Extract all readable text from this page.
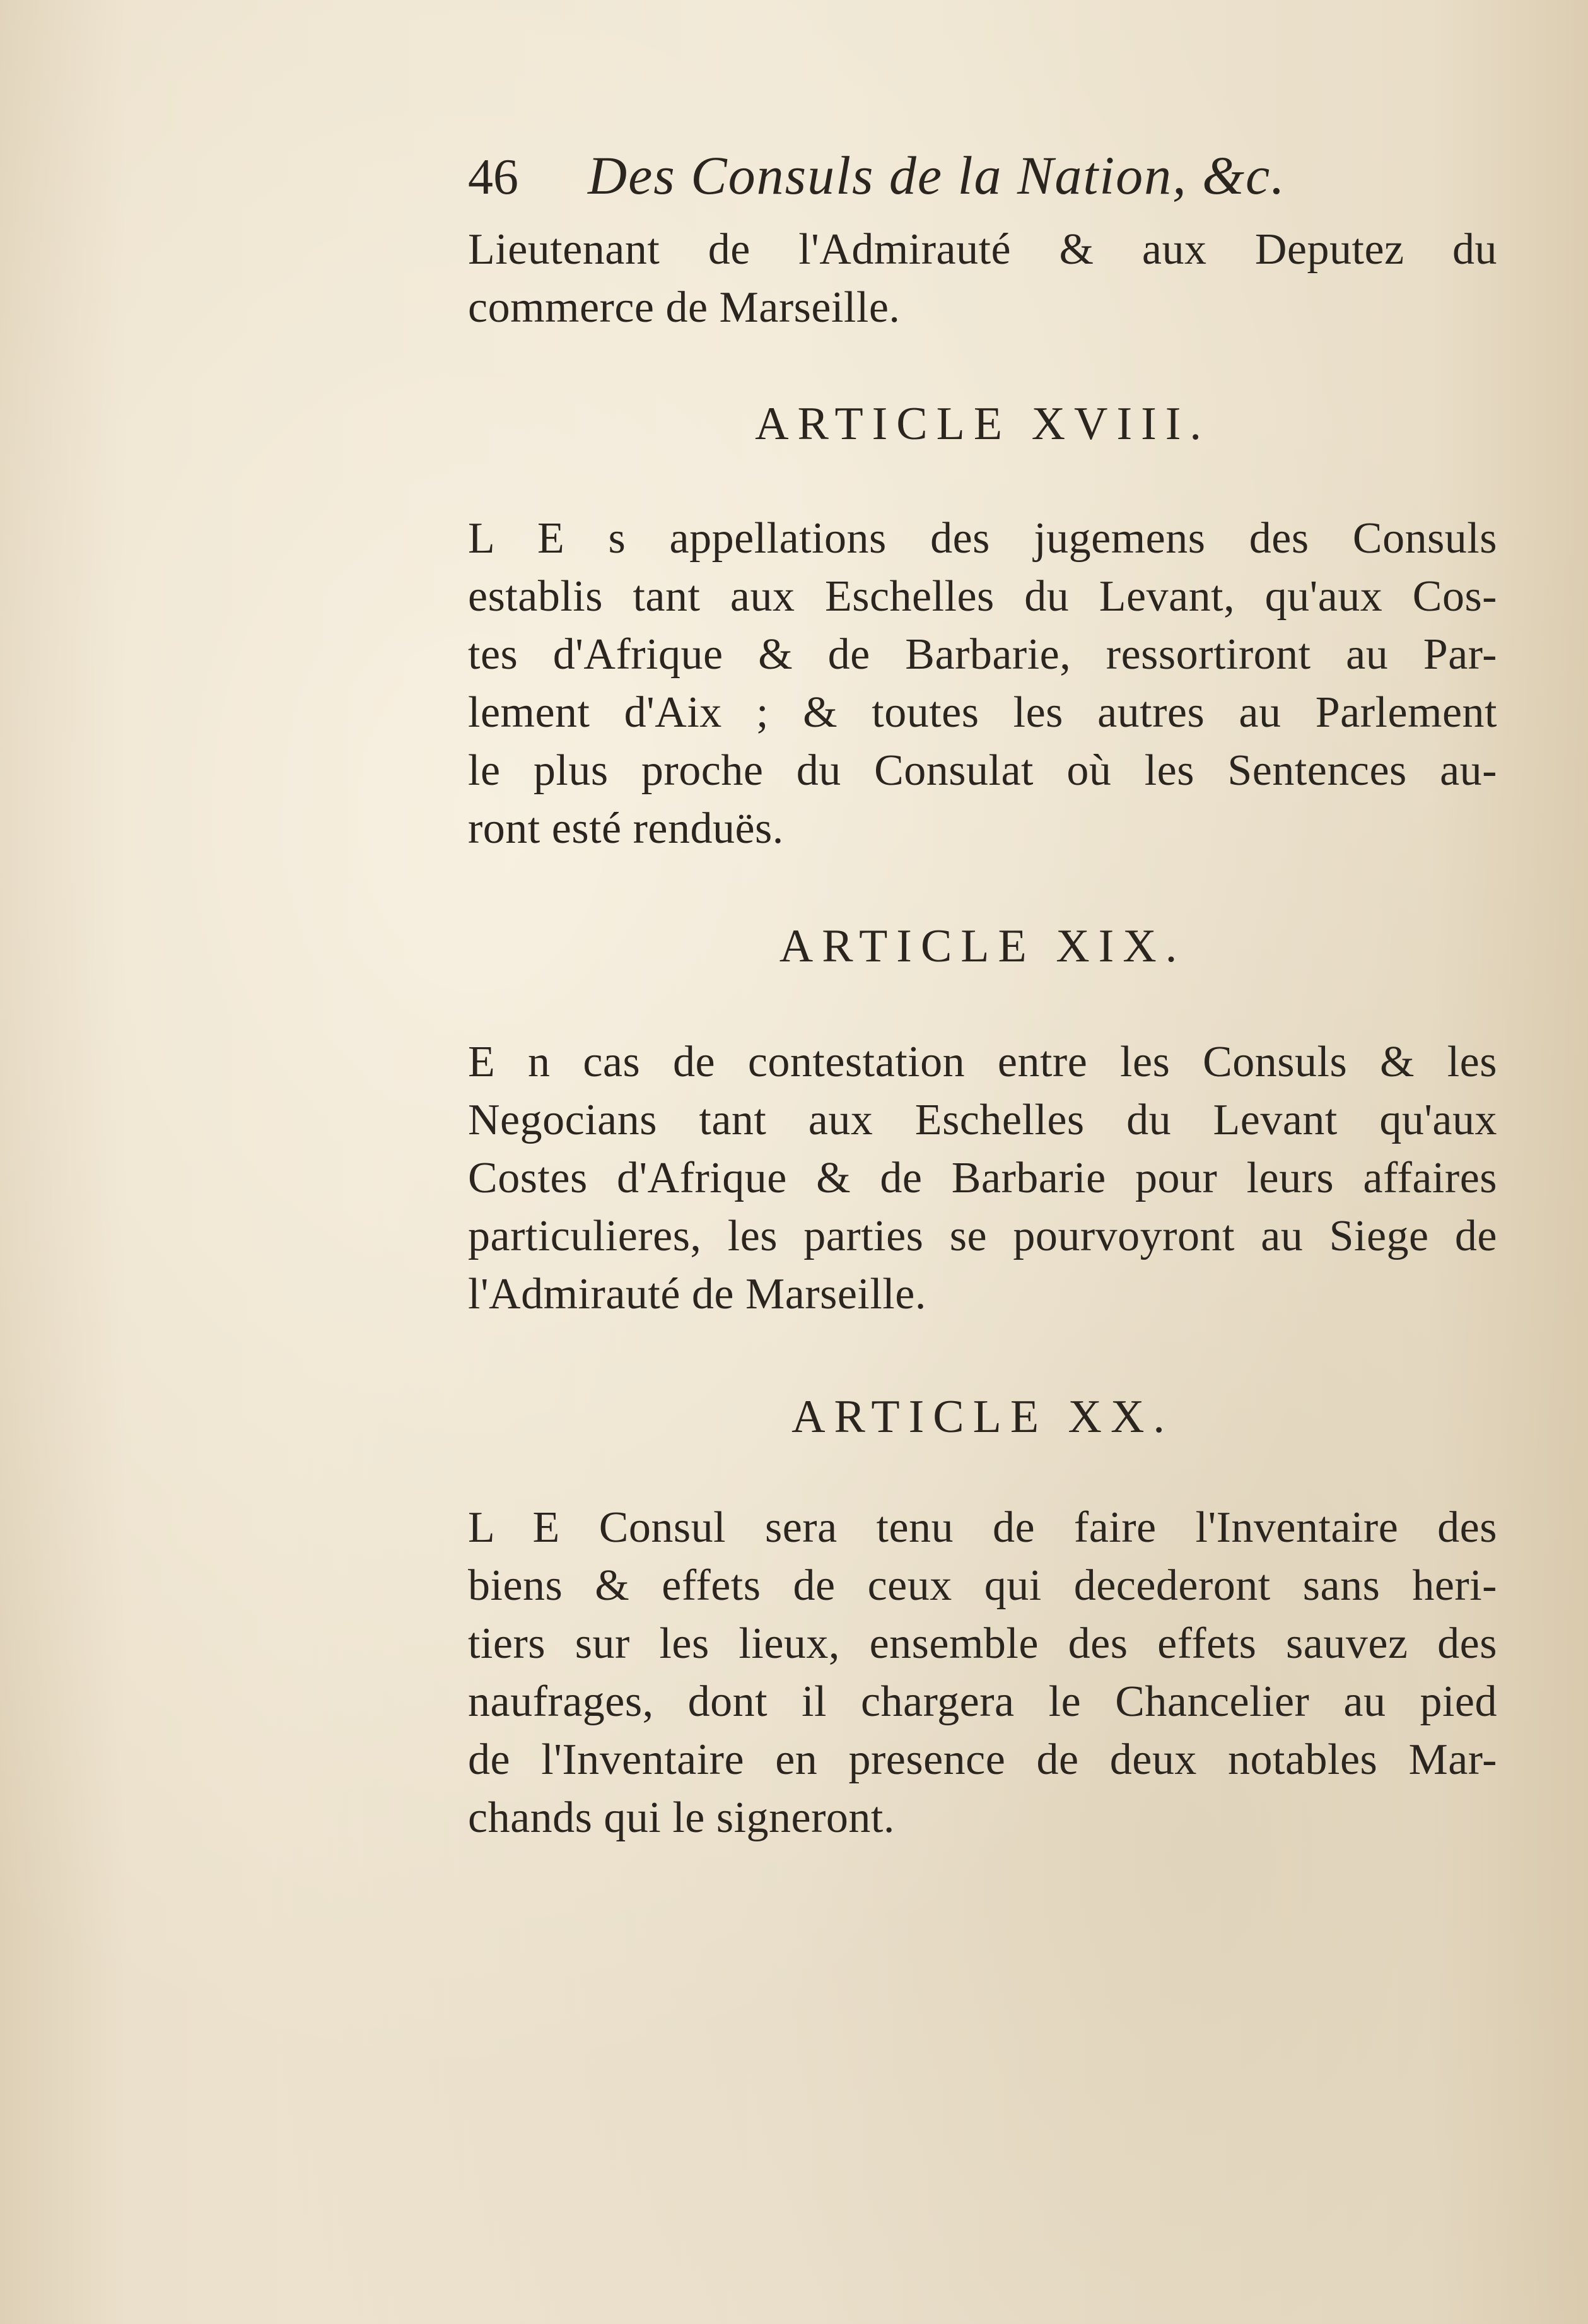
46 Des Consuls de la Nation, &c.
Lieutenant de l'Admirauté & aux Deputez du
commerce de Marseille.
ARTICLE XVIII.
L E s appellations des jugemens des Consuls
establis tant aux Eschelles du Levant, qu'aux Cos-
tes d'Afrique & de Barbarie, ressortiront au Par-
lement d'Aix ; & toutes les autres au Parlement
le plus proche du Consulat où les Sentences au-
ront esté renduës.
ARTICLE XIX.
E n cas de contestation entre les Consuls & les
Negocians tant aux Eschelles du Levant qu'aux
Costes d'Afrique & de Barbarie pour leurs affaires
particulieres, les parties se pourvoyront au Siege de
l'Admirauté de Marseille.
ARTICLE XX.
L E Consul sera tenu de faire l'Inventaire des
biens & effets de ceux qui decederont sans heri-
tiers sur les lieux, ensemble des effets sauvez des
naufrages, dont il chargera le Chancelier au pied
de l'Inventaire en presence de deux notables Mar-
chands qui le signeront.
